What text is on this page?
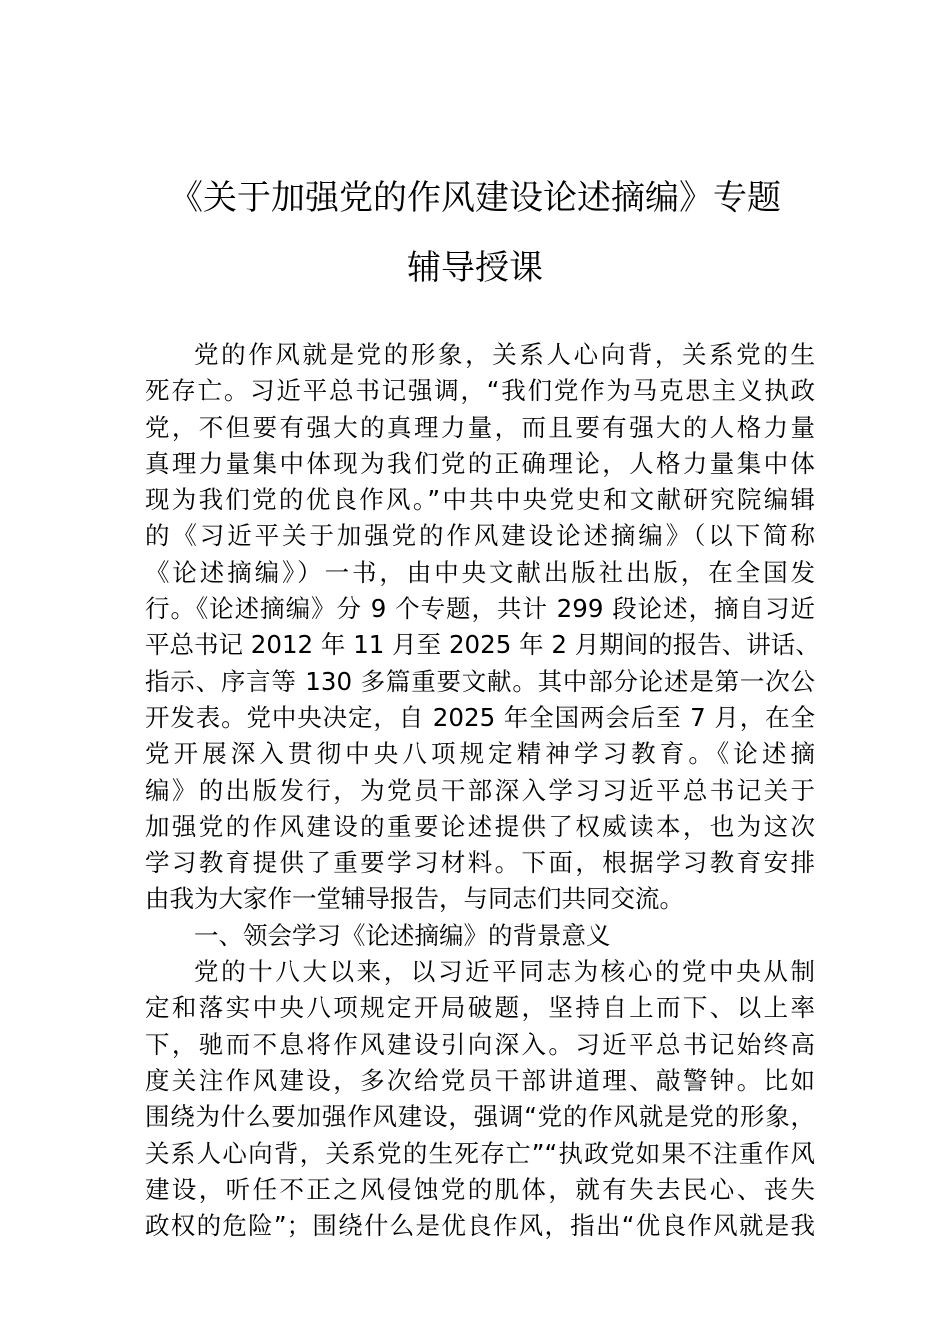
《关于加强党的作风建设论述摘编》专题
辅导授课
党的作风就是党的形象，关系人心向背，关系党的生
死存亡。习近平总书记强调，“我们党作为马克思主义执政
党，不但要有强大的真理力量，而且要有强大的人格力量
真理力量集中体现为我们党的正确理论，人格力量集中体
现为我们党的优良作风。”中共中央党史和文献研究院编辑
的《习近平关于加强党的作风建设论述摘编》（以下简称
《论述摘编》）一书，由中央文献出版社出版，在全国发
行。《论述摘编》分 9 个专题，共计 299 段论述，摘自习近
平总书记 2012 年 11 月至 2025 年 2 月期间的报告、讲话、
指示、序言等 130 多篇重要文献。其中部分论述是第一次公
开发表。党中央决定，自 2025 年全国两会后至 7 月，在全
党开展深入贯彻中央八项规定精神学习教育。《论述摘
编》的出版发行，为党员干部深入学习习近平总书记关于
加强党的作风建设的重要论述提供了权威读本，也为这次
学习教育提供了重要学习材料。下面，根据学习教育安排
由我为大家作一堂辅导报告，与同志们共同交流。
一、领会学习《论述摘编》的背景意义
党的十八大以来，以习近平同志为核心的党中央从制
定和落实中央八项规定开局破题，坚持自上而下、以上率
下，驰而不息将作风建设引向深入。习近平总书记始终高
度关注作风建设，多次给党员干部讲道理、敲警钟。比如
围绕为什么要加强作风建设，强调“党的作风就是党的形象，
关系人心向背，关系党的生死存亡”“执政党如果不注重作风
建设，听任不正之风侵蚀党的肌体，就有失去民心、丧失
政权的危险”；围绕什么是优良作风，指出“优良作风就是我
